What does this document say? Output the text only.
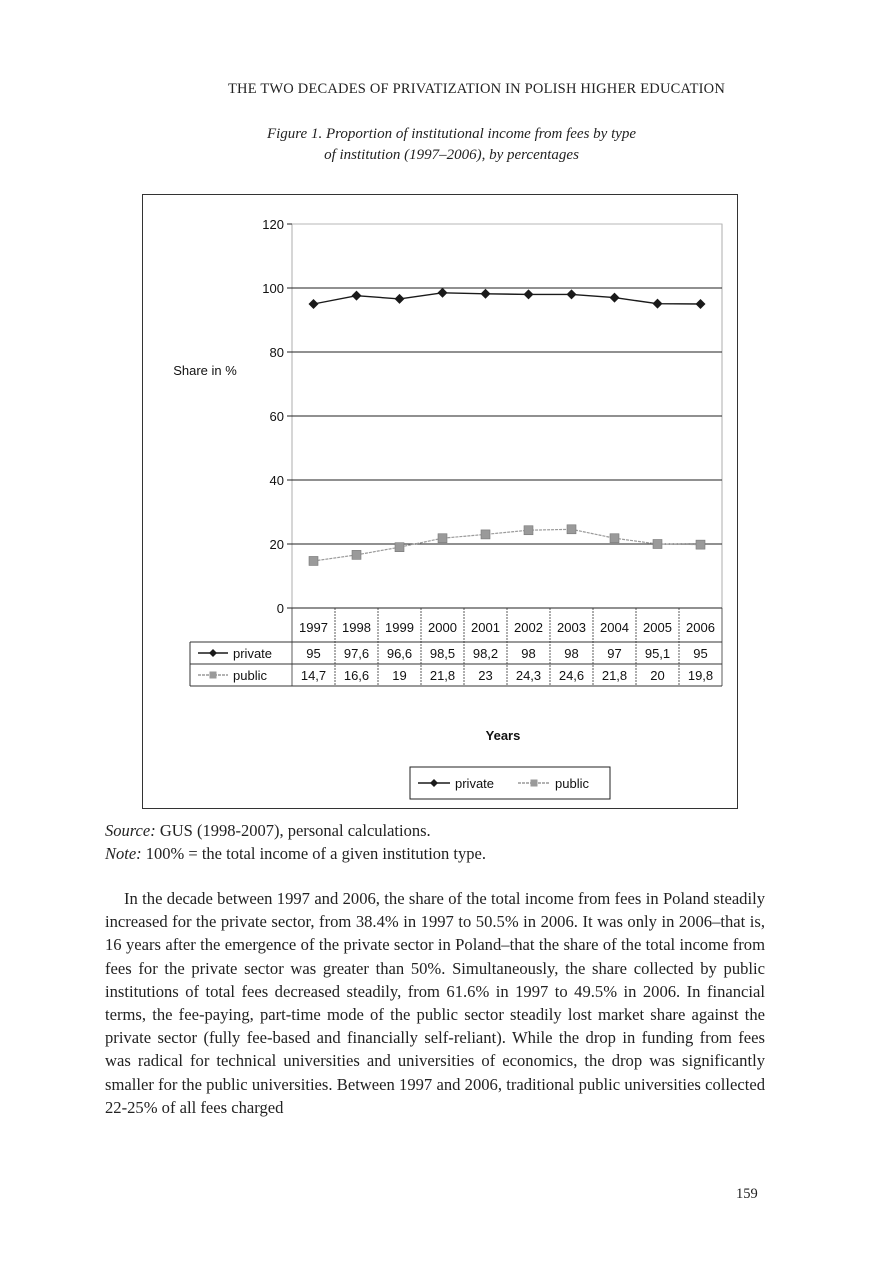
THE TWO DECADES OF PRIVATIZATION IN POLISH HIGHER EDUCATION
Figure 1. Proportion of institutional income from fees by type
of institution (1997–2006), by percentages
0
20
40
60
80
100
120
Share in %
1997 1998 1999 2000 2001 2002 2003 2004 2005 2006
private	95 97,6 96,6 98,5 98,2 98 98 97 95,1 95
public	14,7 16,6 19 21,8 23 24,3 24,6 21,8 20 19,8
Years
private	public
Source: GUS (1998-2007), personal calculations.
Note: 100% = the total income of a given institution type.

In the decade between 1997 and 2006, the share of the total income from fees in Poland steadily increased for the private sector, from 38.4% in 1997 to 50.5% in 2006. It was only in 2006–that is, 16 years after the emergence of the private sector in Poland–that the share of the total income from fees for the private sector was greater than 50%. Simultaneously, the share collected by public institutions of total fees decreased steadily, from 61.6% in 1997 to 49.5% in 2006. In financial terms, the fee-paying, part-time mode of the public sector steadily lost market share against the private sector (fully fee-based and financially self-reliant). While the drop in funding from fees was radical for technical universities and universities of economics, the drop was significantly smaller for the public universities. Between 1997 and 2006, traditional public universities collected 22-25% of all fees charged

159
